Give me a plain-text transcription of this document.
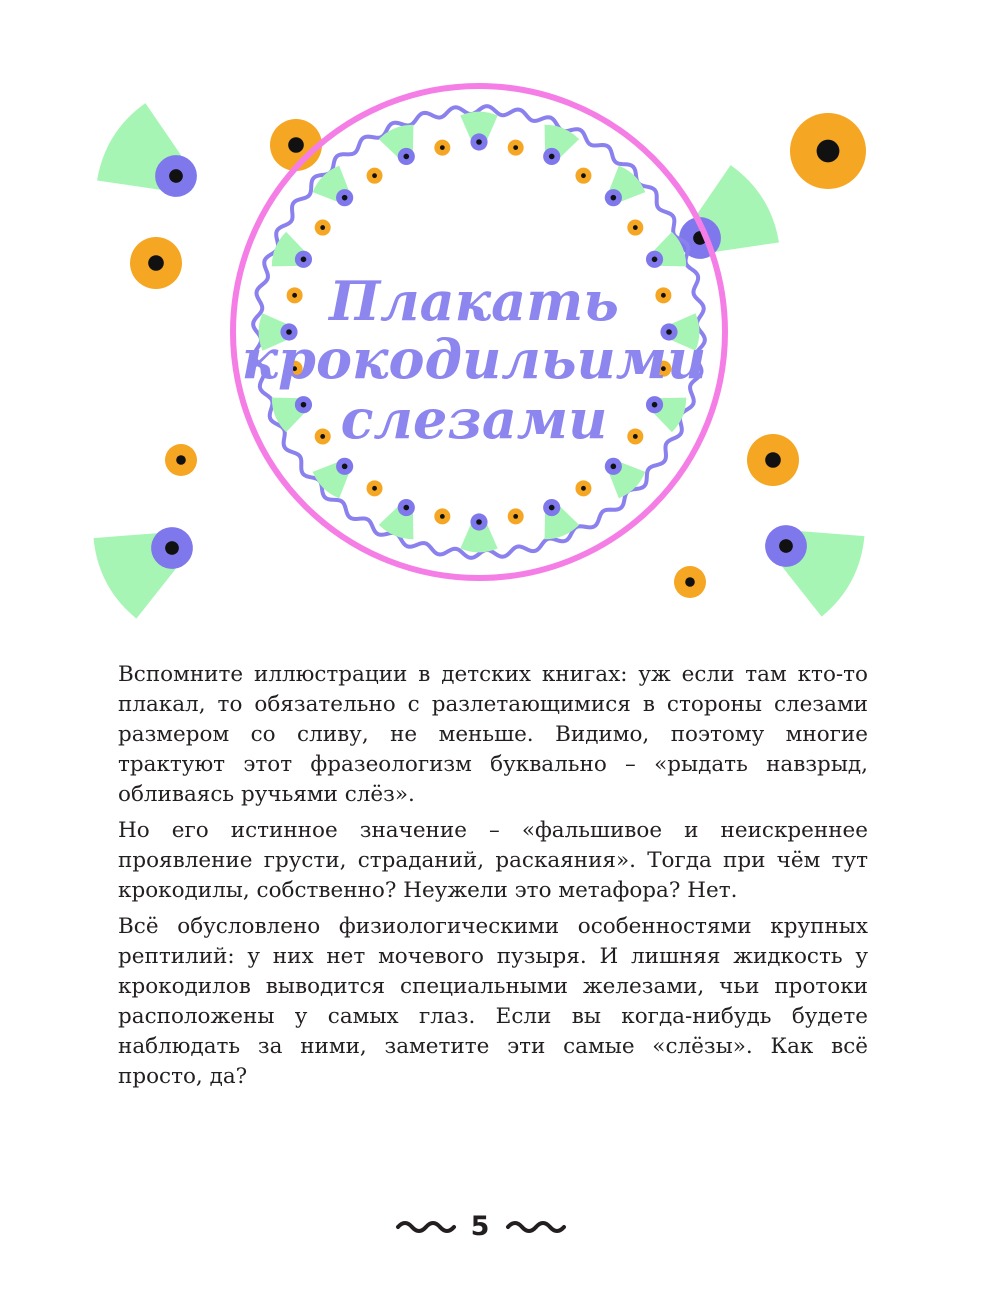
Плакать
крокодильими
слезами

Вспомните иллюстрации в детских книгах: уж если там кто-то плакал, то обязательно с разлетающимися в стороны слезами размером со сливу, не меньше. Видимо, поэтому многие трактуют этот фразеологизм буквально – «рыдать навзрыд, обливаясь ручьями слёз».

Но его истинное значение – «фальшивое и неискреннее проявление грусти, страданий, раскаяния». Тогда при чём тут крокодилы, собственно? Неужели это метафора? Нет.

Всё обусловлено физиологическими особенностями крупных рептилий: у них нет мочевого пузыря. И лишняя жидкость у крокодилов выводится специальными железами, чьи протоки расположены у самых глаз. Если вы когда-нибудь будете наблюдать за ними, заметите эти самые «слёзы». Как всё просто, да?

5
